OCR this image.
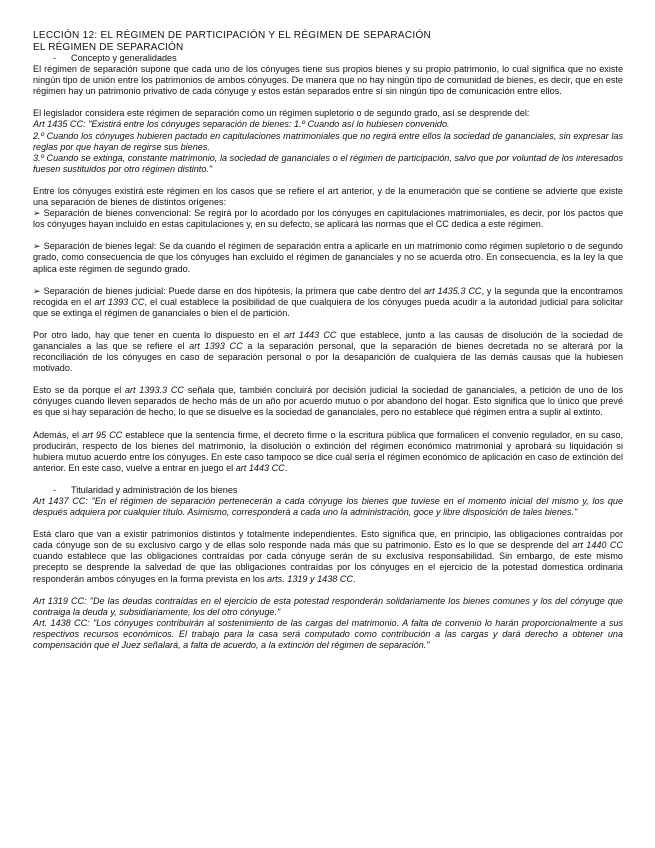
LECCIÓN 12: EL RÉGIMEN DE PARTICIPACIÓN Y EL RÉGIMEN DE SEPARACIÓN
EL RÉGIMEN DE SEPARACIÓN
- Concepto y generalidades

El régimen de separación supone que cada uno de los cónyuges tiene sus propios bienes y su propio patrimonio, lo cual significa que no existe ningún tipo de unión entre los patrimonios de ambos cónyuges. De manera que no hay ningún tipo de comunidad de bienes, es decir, que en este régimen hay un patrimonio privativo de cada cónyuge y estos están separados entre sí sin ningún tipo de comunicación entre ellos.

El legislador considera este régimen de separación como un régimen supletorio o de segundo grado, así se desprende del:

Art 1435 CC: "Existirá entre los cónyuges separación de bienes: 1.º Cuando así lo hubiesen convenido.

2.º Cuando los cónyuges hubieren pactado en capitulaciones matrimoniales que no regirá entre ellos la sociedad de gananciales, sin expresar las reglas por que hayan de regirse sus bienes.

3.º Cuando se extinga, constante matrimonio, la sociedad de gananciales o el régimen de participación, salvo que por voluntad de los interesados fuesen sustituidos por otro régimen distinto."

Entre los cónyuges existirá este régimen en los casos que se refiere el art anterior, y de la enumeración que se contiene se advierte que existe una separación de bienes de distintos orígenes:

➢ Separación de bienes convencional: Se regirá por lo acordado por los cónyuges en capitulaciones matrimoniales, es decir, por los pactos que los cónyuges hayan incluido en estas capitulaciones y, en su defecto, se aplicará las normas que el CC dedica a este régimen.

➢ Separación de bienes legal: Se da cuando el régimen de separación entra a aplicarle en un matrimonio como régimen supletorio o de segundo grado, como consecuencia de que los cónyuges han excluido el régimen de gananciales y no se acuerda otro. En consecuencia, es la ley la que aplica este régimen de segundo grado.

➢ Separación de bienes judicial: Puede darse en dos hipótesis, la primera que cabe dentro del art 1435.3 CC, y la segunda que la encontramos recogida en el art 1393 CC, el cual establece la posibilidad de que cualquiera de los cónyuges pueda acudir a la autoridad judicial para solicitar que se extinga el régimen de gananciales o bien el de partición.

Por otro lado, hay que tener en cuenta lo dispuesto en el art 1443 CC que establece, junto a las causas de disolución de la sociedad de gananciales a las que se refiere el art 1393 CC a la separación personal, que la separación de bienes decretada no se alterará por la reconciliación de los cónyuges en caso de separación personal o por la desaparición de cualquiera de las demás causas que la hubiesen motivado.

Esto se da porque el art 1393.3 CC señala que, también concluirá por decisión judicial la sociedad de gananciales, a petición de uno de los cónyuges cuando lleven separados de hecho más de un año por acuerdo mutuo o por abandono del hogar. Esto significa que lo único que prevé es que si hay separación de hecho, lo que se disuelve es la sociedad de gananciales, pero no establece qué régimen entra a suplir al extinto.

Además, el art 95 CC establece que la sentencia firme, el decreto firme o la escritura pública que formalicen el convenio regulador, en su caso, producirán, respecto de los bienes del matrimonio, la disolución o extinción del régimen económico matrimonial y aprobará su liquidación si hubiera mutuo acuerdo entre los cónyuges. En este caso tampoco se dice cuál sería el régimen económico de aplicación en caso de extinción del anterior. En este caso, vuelve a entrar en juego el art 1443 CC.

- Titularidad y administración de los bienes

Art 1437 CC: "En el régimen de separación pertenecerán a cada cónyuge los bienes que tuviese en el momento inicial del mismo y, los que después adquiera por cualquier título. Asimismo, corresponderá a cada uno la administración, goce y libre disposición de tales bienes."

Está claro que van a existir patrimonios distintos y totalmente independientes. Esto significa que, en principio, las obligaciones contraídas por cada cónyuge son de su exclusivo cargo y de ellas solo responde nada más que su patrimonio. Esto es lo que se desprende del art 1440 CC cuando establece que las obligaciones contraídas por cada cónyuge serán de su exclusiva responsabilidad. Sin embargo, de este mismo precepto se desprende la salvedad de que las obligaciones contraídas por los cónyuges en el ejercicio de la potestad domestica ordinaria responderán ambos cónyuges en la forma prevista en los arts. 1319 y 1438 CC.

Art 1319 CC: "De las deudas contraídas en el ejercicio de esta potestad responderán solidariamente los bienes comunes y los del cónyuge que contraiga la deuda y, subsidiariamente, los del otro cónyuge."

Art. 1438 CC: "Los cónyuges contribuirán al sostenimiento de las cargas del matrimonio. A falta de convenio lo harán proporcionalmente a sus respectivos recursos económicos. El trabajo para la casa será computado como contribución a las cargas y dará derecho a obtener una compensación que el Juez señalará, a falta de acuerdo, a la extinción del régimen de separación."
